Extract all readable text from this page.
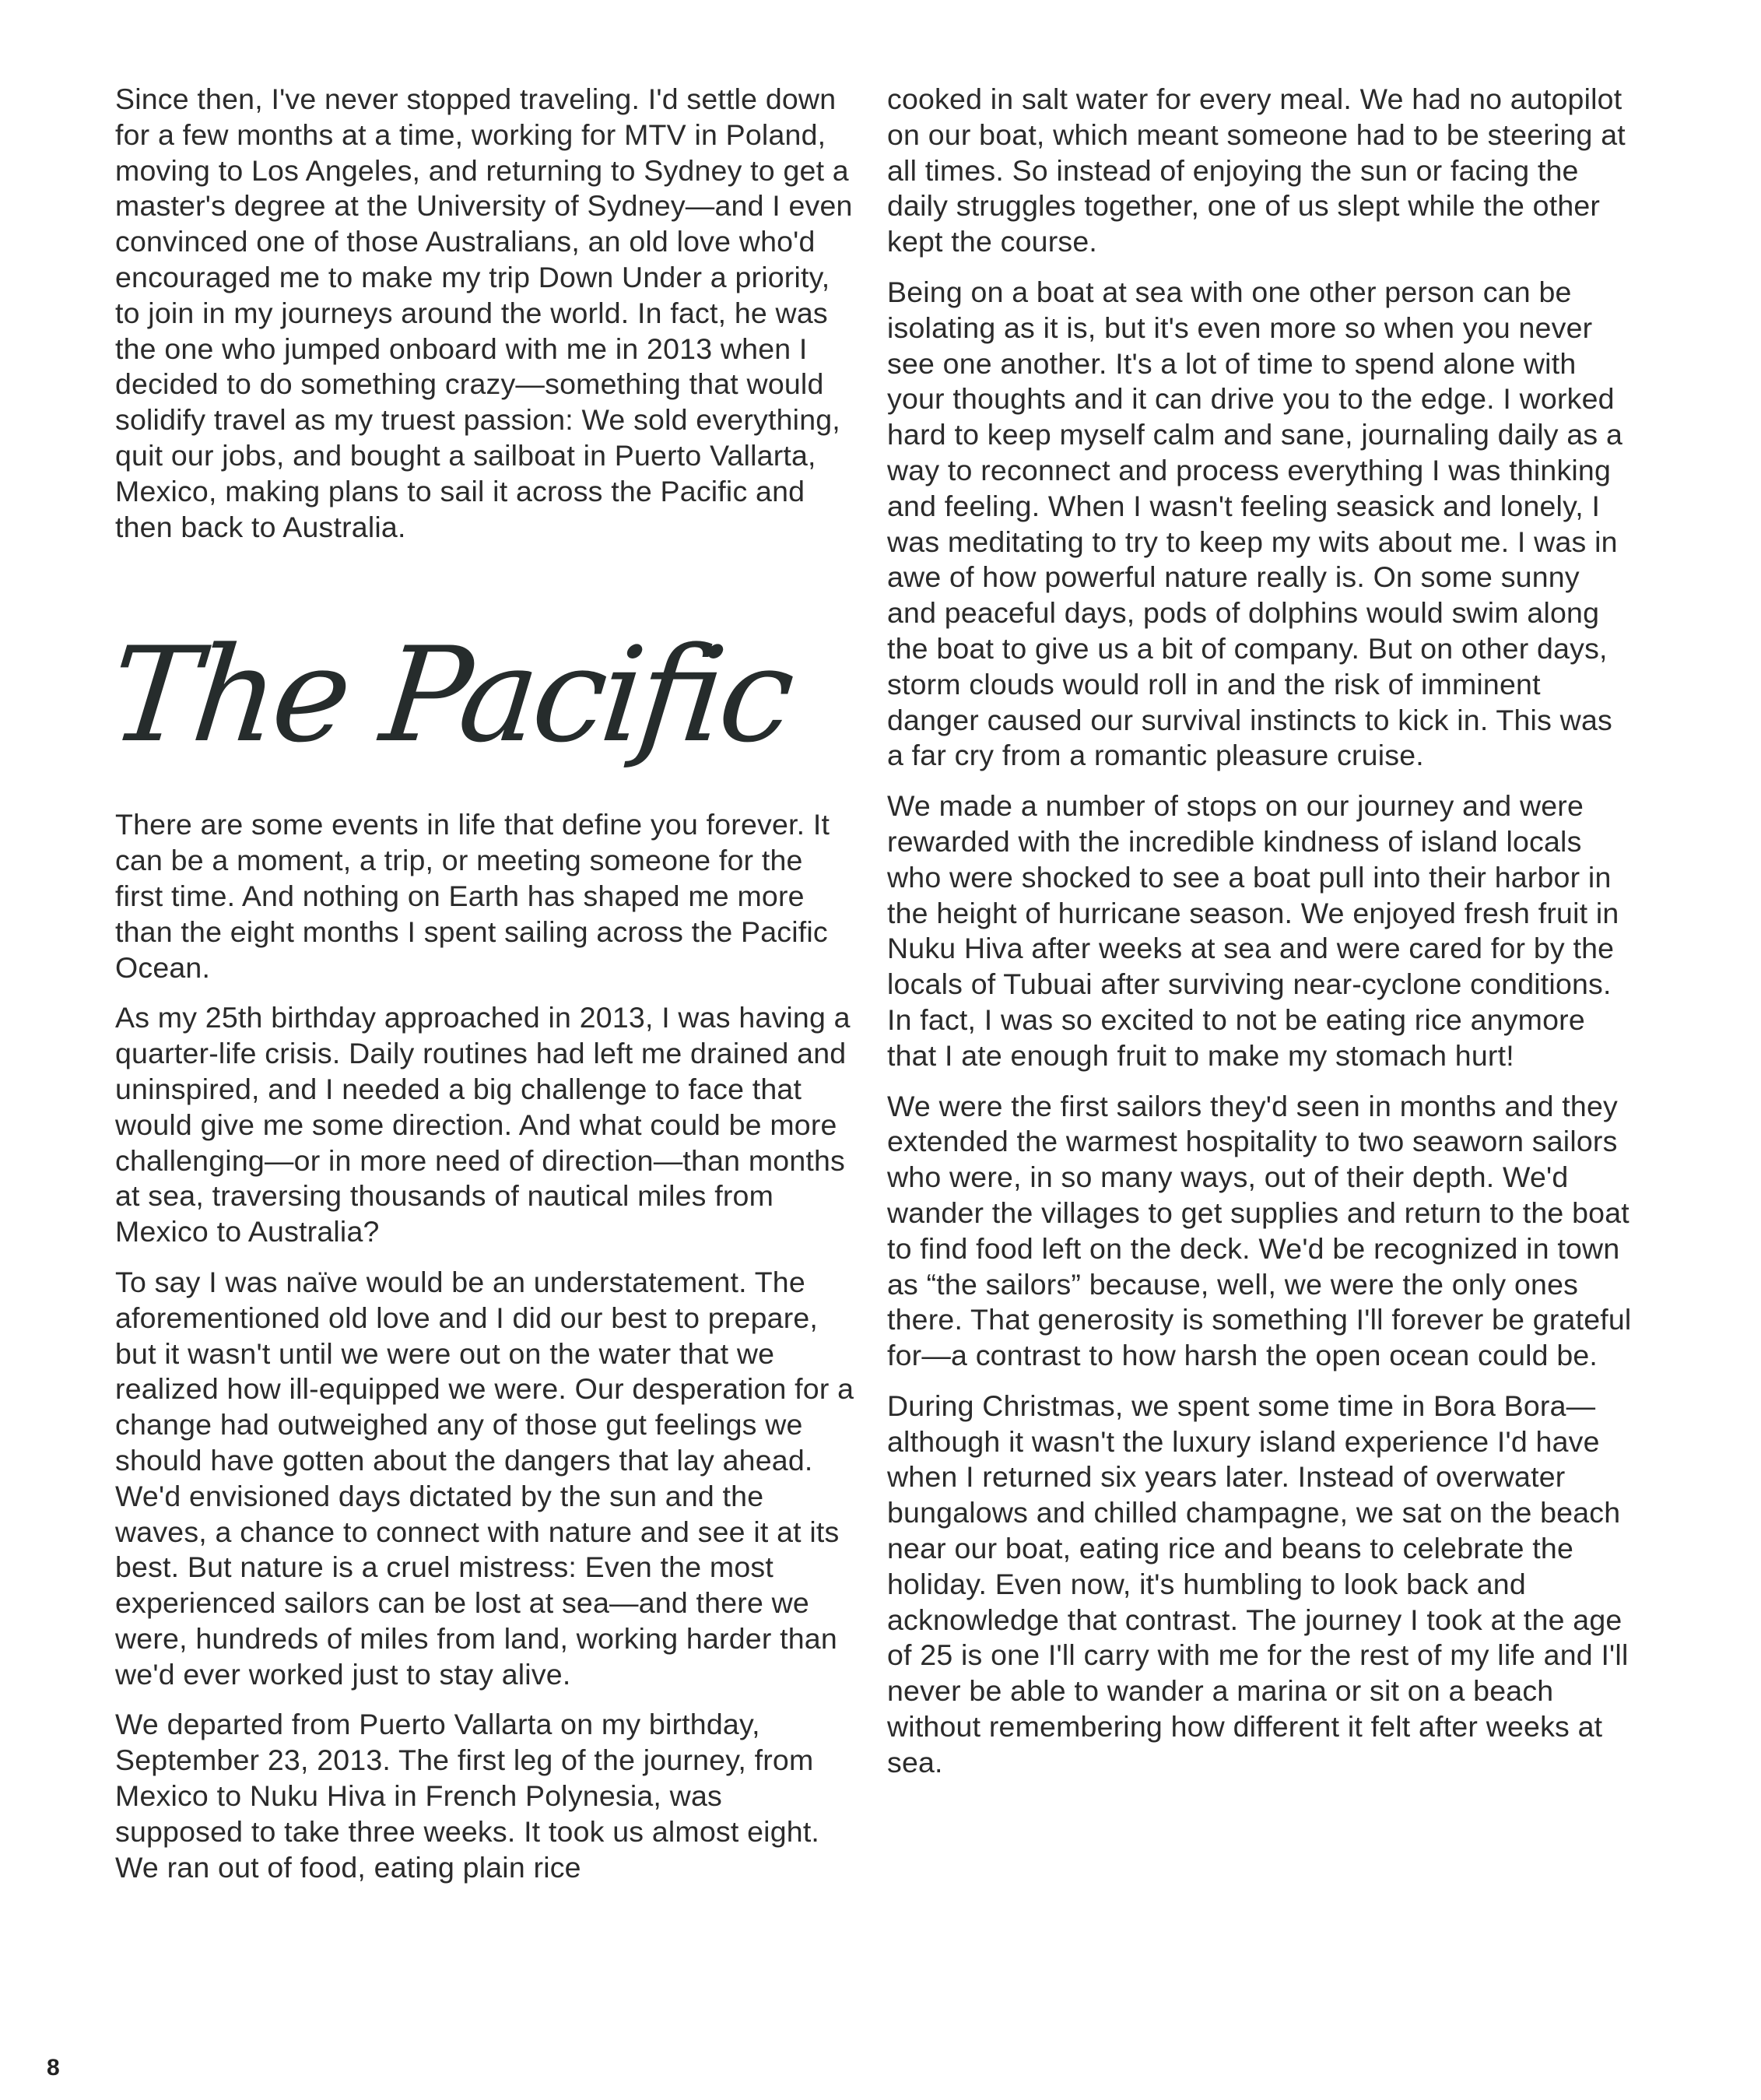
Since then, I've never stopped traveling. I'd settle down for a few months at a time, working for MTV in Poland, moving to Los Angeles, and returning to Sydney to get a master's degree at the University of Sydney—and I even convinced one of those Australians, an old love who'd encouraged me to make my trip Down Under a priority, to join in my journeys around the world. In fact, he was the one who jumped onboard with me in 2013 when I decided to do something crazy—something that would solidify travel as my truest passion: We sold everything, quit our jobs, and bought a sailboat in Puerto Vallarta, Mexico, making plans to sail it across the Pacific and then back to Australia.

The Pacific

There are some events in life that define you forever. It can be a moment, a trip, or meeting someone for the first time. And nothing on Earth has shaped me more than the eight months I spent sailing across the Pacific Ocean.

As my 25th birthday approached in 2013, I was having a quarter-life crisis. Daily routines had left me drained and uninspired, and I needed a big challenge to face that would give me some direction. And what could be more challenging—or in more need of direction—than months at sea, traversing thousands of nautical miles from Mexico to Australia?

To say I was naïve would be an understatement. The aforementioned old love and I did our best to prepare, but it wasn't until we were out on the water that we realized how ill-equipped we were. Our desperation for a change had outweighed any of those gut feelings we should have gotten about the dangers that lay ahead. We'd envisioned days dictated by the sun and the waves, a chance to connect with nature and see it at its best. But nature is a cruel mistress: Even the most experienced sailors can be lost at sea—and there we were, hundreds of miles from land, working harder than we'd ever worked just to stay alive.

We departed from Puerto Vallarta on my birthday, September 23, 2013. The first leg of the journey, from Mexico to Nuku Hiva in French Polynesia, was supposed to take three weeks. It took us almost eight. We ran out of food, eating plain rice

cooked in salt water for every meal. We had no autopilot on our boat, which meant someone had to be steering at all times. So instead of enjoying the sun or facing the daily struggles together, one of us slept while the other kept the course.

Being on a boat at sea with one other person can be isolating as it is, but it's even more so when you never see one another. It's a lot of time to spend alone with your thoughts and it can drive you to the edge. I worked hard to keep myself calm and sane, journaling daily as a way to reconnect and process everything I was thinking and feeling. When I wasn't feeling seasick and lonely, I was meditating to try to keep my wits about me. I was in awe of how powerful nature really is. On some sunny and peaceful days, pods of dolphins would swim along the boat to give us a bit of company. But on other days, storm clouds would roll in and the risk of imminent danger caused our survival instincts to kick in. This was a far cry from a romantic pleasure cruise.

We made a number of stops on our journey and were rewarded with the incredible kindness of island locals who were shocked to see a boat pull into their harbor in the height of hurricane season. We enjoyed fresh fruit in Nuku Hiva after weeks at sea and were cared for by the locals of Tubuai after surviving near-cyclone conditions. In fact, I was so excited to not be eating rice anymore that I ate enough fruit to make my stomach hurt!

We were the first sailors they'd seen in months and they extended the warmest hospitality to two seaworn sailors who were, in so many ways, out of their depth. We'd wander the villages to get supplies and return to the boat to find food left on the deck. We'd be recognized in town as “the sailors” because, well, we were the only ones there. That generosity is something I'll forever be grateful for—a contrast to how harsh the open ocean could be.

During Christmas, we spent some time in Bora Bora—although it wasn't the luxury island experience I'd have when I returned six years later. Instead of overwater bungalows and chilled champagne, we sat on the beach near our boat, eating rice and beans to celebrate the holiday. Even now, it's humbling to look back and acknowledge that contrast. The journey I took at the age of 25 is one I'll carry with me for the rest of my life and I'll never be able to wander a marina or sit on a beach without remembering how different it felt after weeks at sea.

8
